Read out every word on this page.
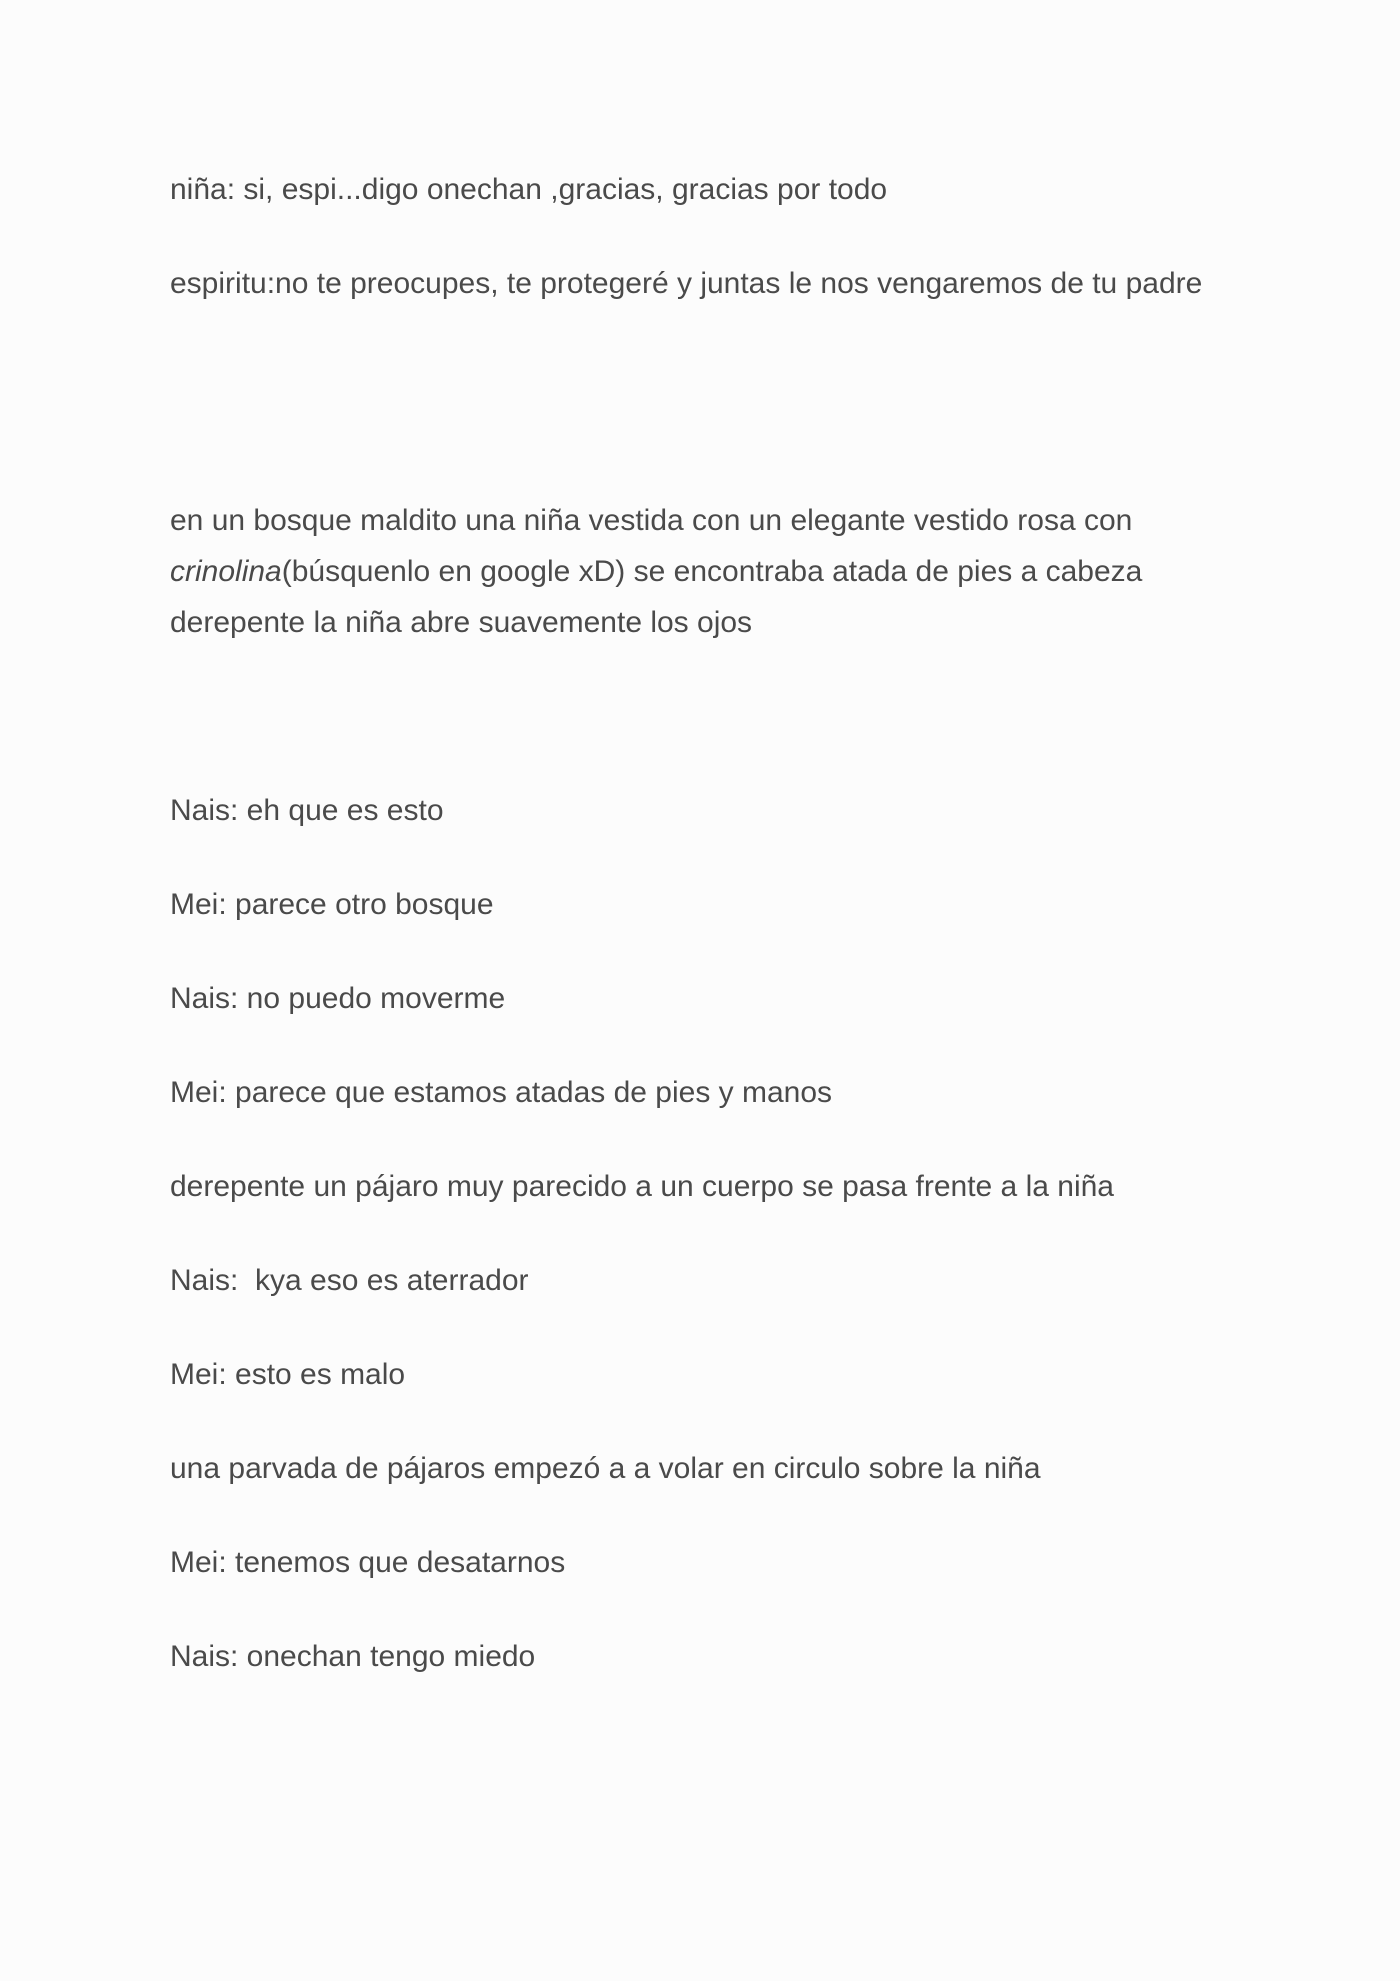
niña: si, espi...digo onechan ,gracias, gracias por todo
espiritu:no te preocupes, te protegeré y juntas le nos vengaremos de tu padre
en un bosque maldito una niña vestida con un elegante vestido rosa con
crinolina(búsquenlo en google xD) se encontraba atada de pies a cabeza derepente la niña abre suavemente los ojos
Nais: eh que es esto
Mei: parece otro bosque
Nais: no puedo moverme
Mei: parece que estamos atadas de pies y manos
derepente un pájaro muy parecido a un cuerpo se pasa frente a la niña
Nais:  kya eso es aterrador
Mei: esto es malo
una parvada de pájaros empezó a a volar en circulo sobre la niña
Mei: tenemos que desatarnos
Nais: onechan tengo miedo
